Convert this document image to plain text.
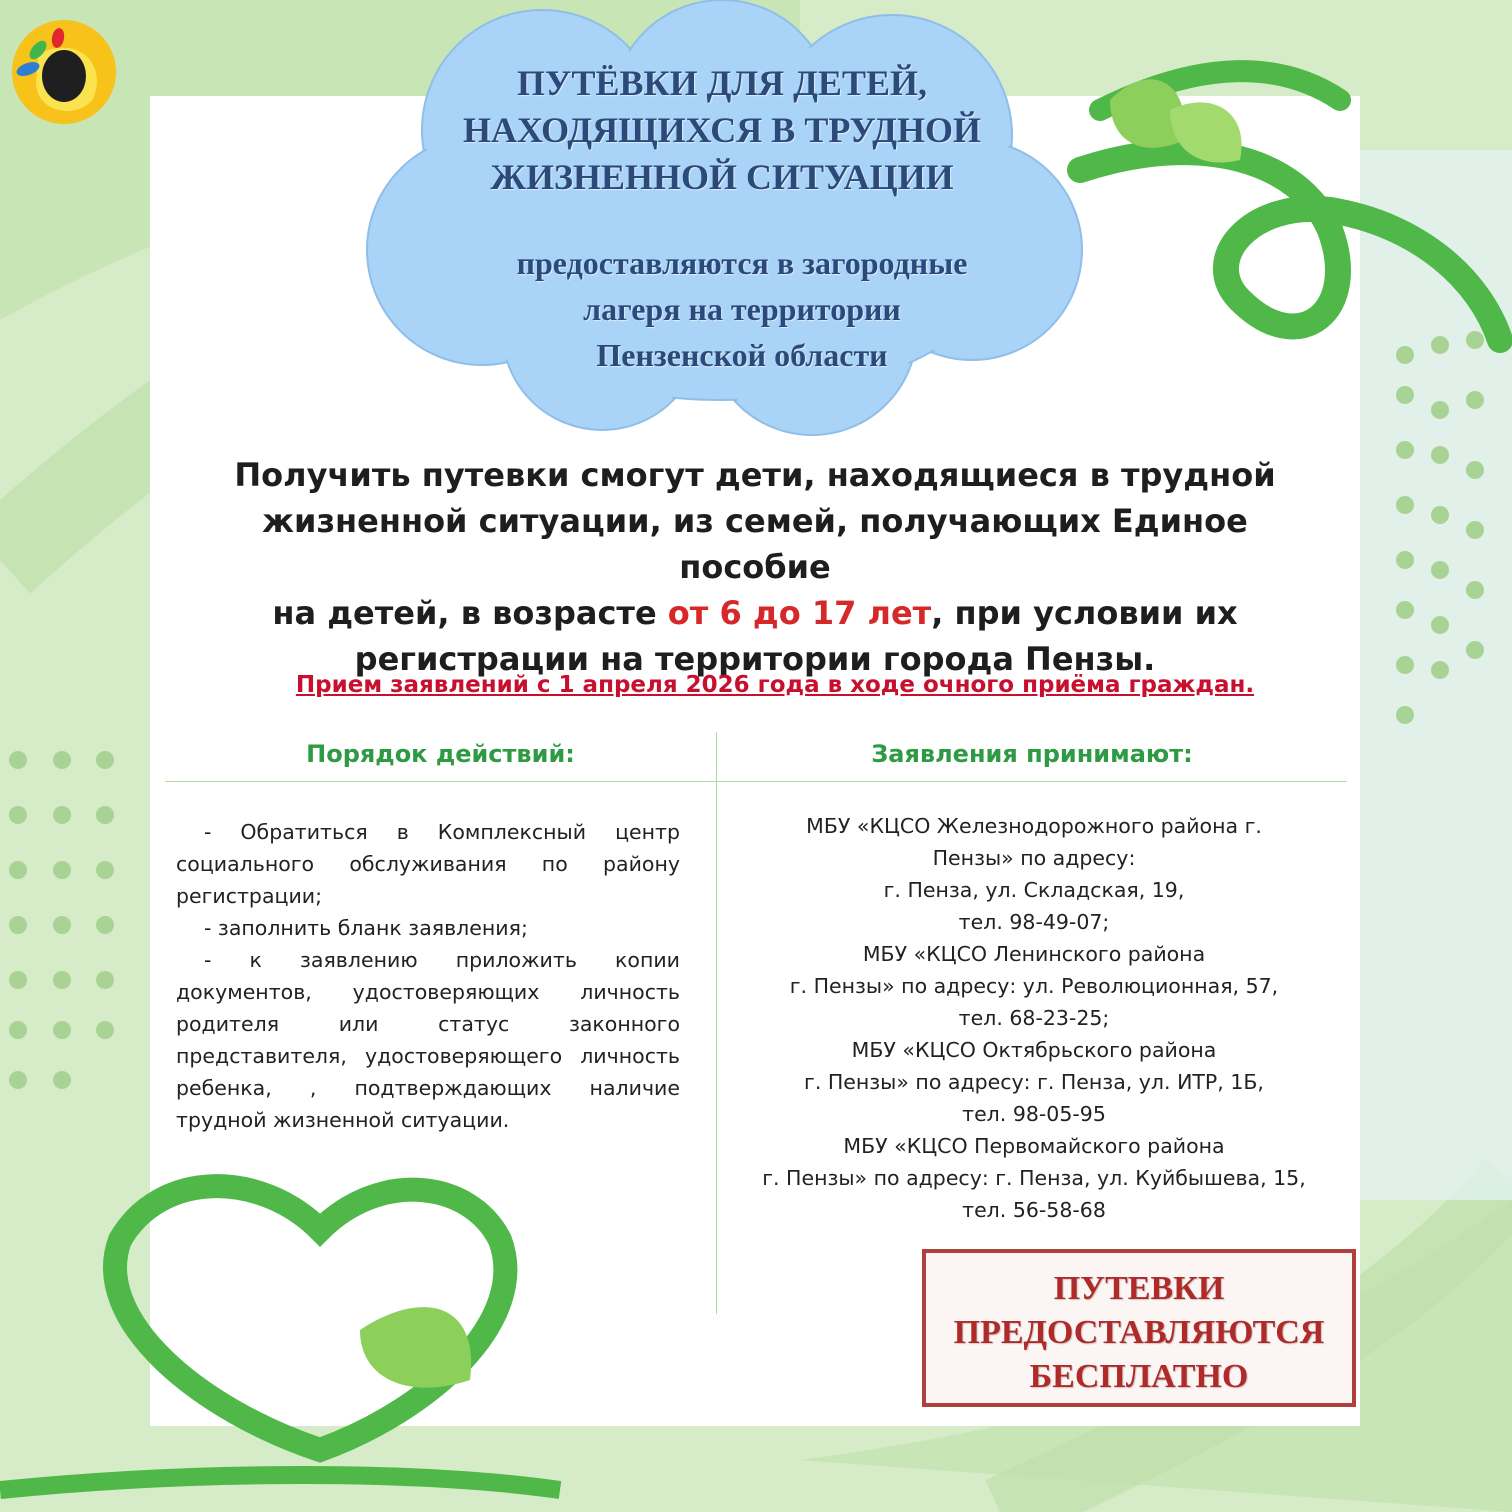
ПУТЁВКИ ДЛЯ ДЕТЕЙ,
НАХОДЯЩИХСЯ В ТРУДНОЙ
ЖИЗНЕННОЙ СИТУАЦИИ
предоставляются в загородные
лагеря на территории
Пензенской области
Получить путевки смогут дети, находящиеся в трудной
жизненной ситуации, из семей, получающих Единое пособие
на детей, в возрасте от 6 до 17 лет, при условии их
регистрации на территории города Пензы.
Прием заявлений с 1 апреля 2026 года в ходе очного приёма граждан.
Порядок действий:	Заявления принимают:

- Обратиться в Комплексный центр социального обслуживания по району регистрации;

- заполнить бланк заявления;

- к заявлению приложить копии документов, удостоверяющих личность родителя или статус законного представителя, удостоверяющего личность ребенка, , подтверждающих наличие трудной жизненной ситуации.

МБУ «КЦСО Железнодорожного района г.

Пензы» по адресу:

г. Пенза, ул. Складская, 19,

тел. 98-49-07;

МБУ «КЦСО Ленинского района

г. Пензы» по адресу: ул. Революционная, 57,

тел. 68-23-25;

МБУ «КЦСО Октябрьского района

г. Пензы» по адресу: г. Пенза, ул. ИТР, 1Б,

тел. 98-05-95

МБУ «КЦСО Первомайского района

г. Пензы» по адресу: г. Пенза, ул. Куйбышева, 15,

тел. 56-58-68

ПУТЕВКИ
ПРЕДОСТАВЛЯЮТСЯ
БЕСПЛАТНО
